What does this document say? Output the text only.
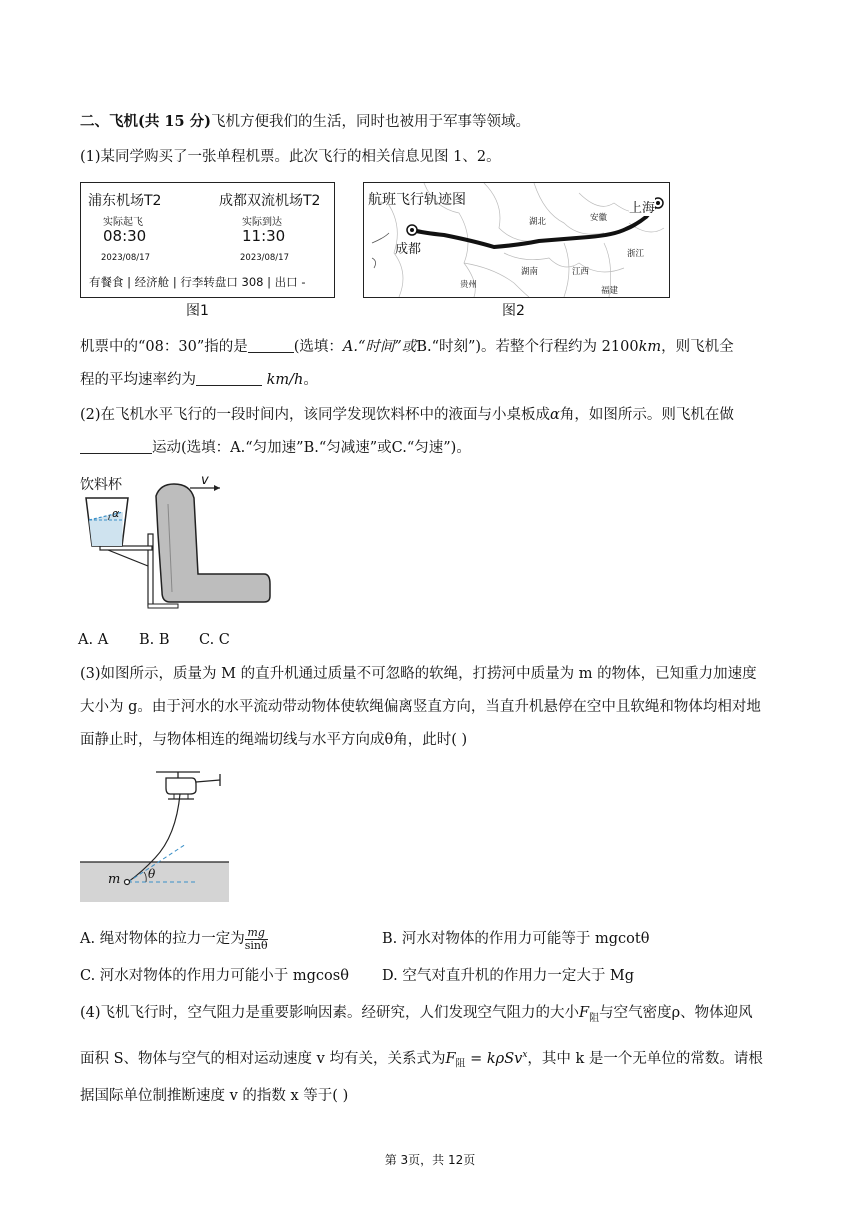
二、飞机(共 15 分)飞机方便我们的生活，同时也被用于军事等领域。
(1)某同学购买了一张单程机票。此次飞行的相关信息见图 1、2。
浦东机场T2	成都双流机场T2
实际起飞	实际到达
08:30	11:30
2023/08/17	2023/08/17
有餐食 | 经济舱 | 行李转盘口 308 | 出口 -
图1
航班飞行轨迹图
成都
上海
湖北	安徽
浙江
湖南	江西
贵州
福建
图2
机票中的“08：30”指的是	(选填：A.“时间”或B.“时刻”)。若整个行程约为 2100km，则飞机全
程的平均速率约为	km/h。
(2)在飞机水平飞行的一段时间内，该同学发现饮料杯中的液面与小桌板成α角，如图所示。则飞机在做
运动(选填：A.“匀加速”B.“匀减速”或C.“匀速”)。
饮料杯	v
α
A. A B. B C. C
(3)如图所示，质量为 M 的直升机通过质量不可忽略的软绳，打捞河中质量为 m 的物体，已知重力加速度
大小为 g。由于河水的水平流动带动物体使软绳偏离竖直方向，当直升机悬停在空中且软绳和物体均相对地
面静止时，与物体相连的绳端切线与水平方向成θ角，此时( )
m θ
A. 绳对物体的拉力一定为 $\frac{mg}{\sin\theta}$	B. 河水对物体的作用力可能等于 mgcotθ
C. 河水对物体的作用力可能小于 mgcosθ D. 空气对直升机的作用力一定大于 Mg
(4)飞机飞行时，空气阻力是重要影响因素。经研究，人们发现空气阻力的大小$F_阻$与空气密度ρ、物体迎风
面积 S、物体与空气的相对运动速度 v 均有关，关系式为$F_阻 = k\rho Sv^x$，其中 k 是一个无单位的常数。请根
据国际单位制推断速度 v 的指数 x 等于( )
第 3页，共 12页
